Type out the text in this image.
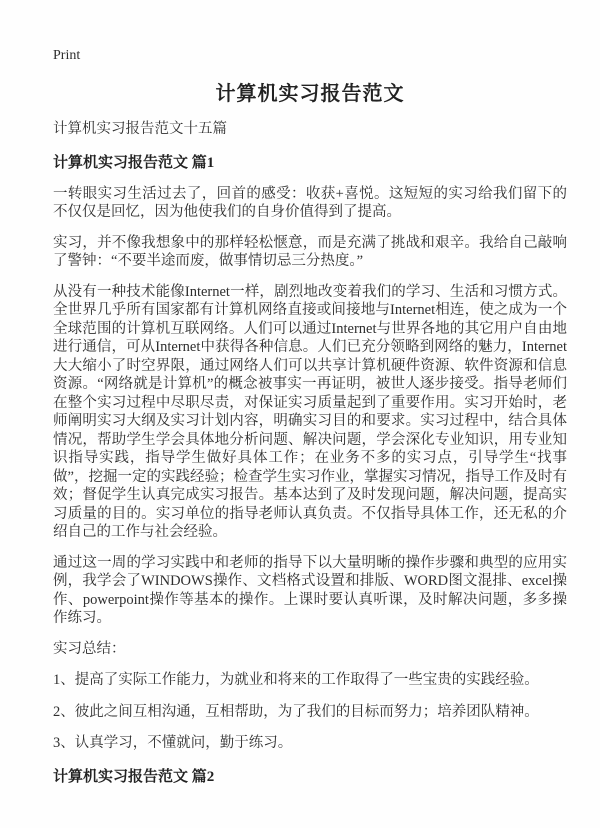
Print
计算机实习报告范文

计算机实习报告范文十五篇

计算机实习报告范文 篇1

一转眼实习生活过去了，回首的感受：收获+喜悦。这短短的实习给我们留下的不仅仅是回忆，因为他使我们的自身价值得到了提高。

实习，并不像我想象中的那样轻松惬意，而是充满了挑战和艰辛。我给自己敲响了警钟：“不要半途而废，做事情切忌三分热度。”

从没有一种技术能像Internet一样，剧烈地改变着我们的学习、生活和习惯方式。全世界几乎所有国家都有计算机网络直接或间接地与Internet相连，使之成为一个全球范围的计算机互联网络。人们可以通过Internet与世界各地的其它用户自由地进行通信，可从Internet中获得各种信息。人们已充分领略到网络的魅力，Internet大大缩小了时空界限，通过网络人们可以共享计算机硬件资源、软件资源和信息资源。“网络就是计算机”的概念被事实一再证明，被世人逐步接受。指导老师们在整个实习过程中尽职尽责，对保证实习质量起到了重要作用。实习开始时，老师阐明实习大纲及实习计划内容，明确实习目的和要求。实习过程中，结合具体情况，帮助学生学会具体地分析问题、解决问题，学会深化专业知识，用专业知识指导实践，指导学生做好具体工作；在业务不多的实习点，引导学生“找事做”，挖掘一定的实践经验；检查学生实习作业，掌握实习情况，指导工作及时有效；督促学生认真完成实习报告。基本达到了及时发现问题，解决问题，提高实习质量的目的。实习单位的指导老师认真负责。不仅指导具体工作，还无私的介绍自己的工作与社会经验。

通过这一周的学习实践中和老师的指导下以大量明晰的操作步骤和典型的应用实例，我学会了WINDOWS操作、文档格式设置和排版、WORD图文混排、excel操作、powerpoint操作等基本的操作。上课时要认真听课，及时解决问题，多多操作练习。

实习总结：

1、提高了实际工作能力，为就业和将来的工作取得了一些宝贵的实践经验。

2、彼此之间互相沟通，互相帮助，为了我们的目标而努力；培养团队精神。

3、认真学习，不懂就问，勤于练习。

计算机实习报告范文 篇2
